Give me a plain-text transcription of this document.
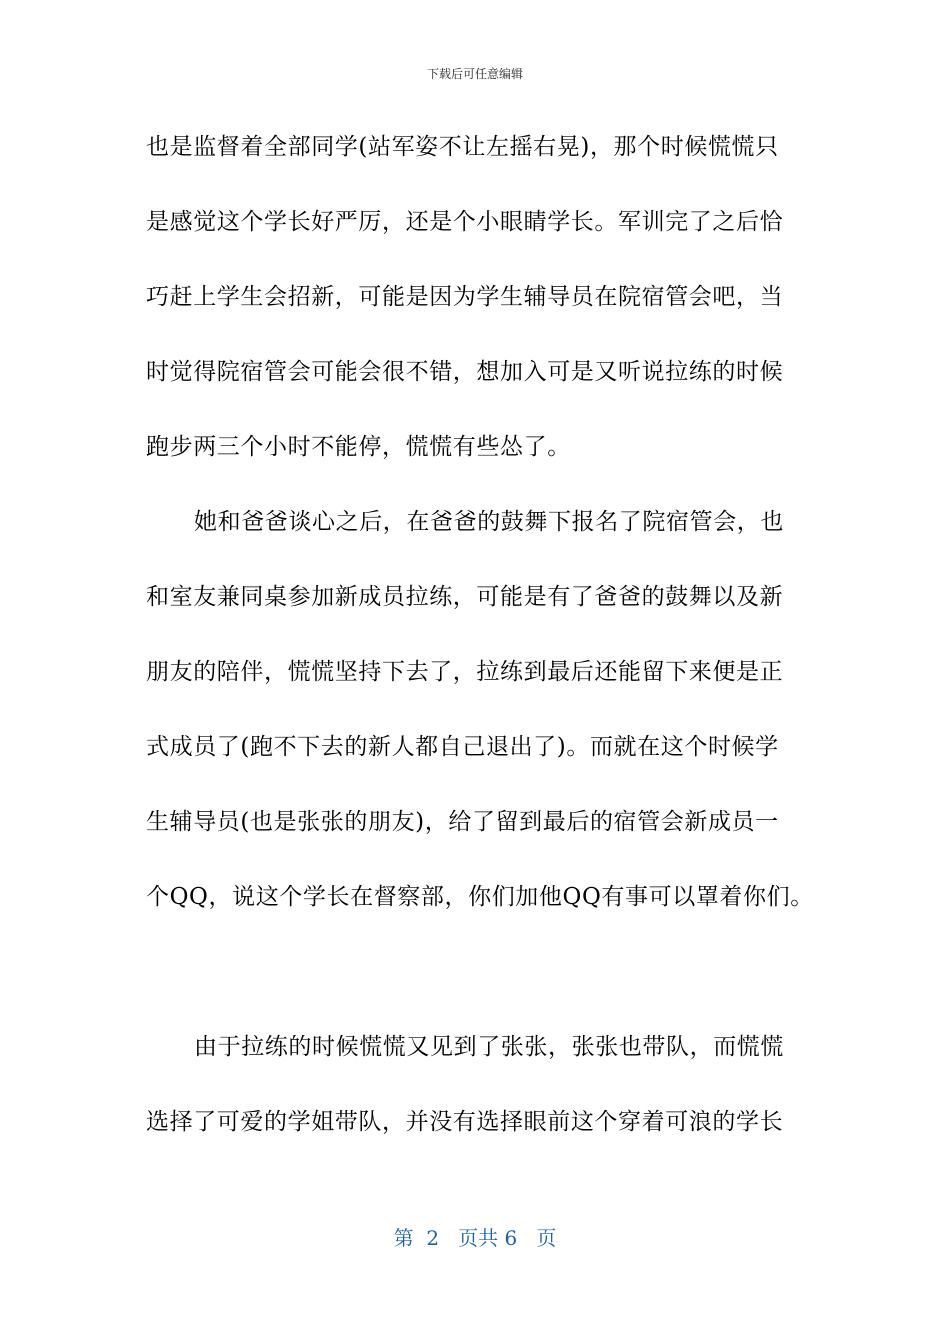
下载后可任意编辑
也是监督着全部同学(站军姿不让左摇右晃)，那个时候慌慌只
是感觉这个学长好严厉，还是个小眼睛学长。军训完了之后恰
巧赶上学生会招新，可能是因为学生辅导员在院宿管会吧，当
时觉得院宿管会可能会很不错，想加入可是又听说拉练的时候
跑步两三个小时不能停，慌慌有些怂了。
她和爸爸谈心之后，在爸爸的鼓舞下报名了院宿管会，也
和室友兼同桌参加新成员拉练，可能是有了爸爸的鼓舞以及新
朋友的陪伴，慌慌坚持下去了，拉练到最后还能留下来便是正
式成员了(跑不下去的新人都自己退出了)。而就在这个时候学
生辅导员(也是张张的朋友)，给了留到最后的宿管会新成员一
个QQ，说这个学长在督察部，你们加他QQ有事可以罩着你们。
由于拉练的时候慌慌又见到了张张，张张也带队，而慌慌
选择了可爱的学姐带队，并没有选择眼前这个穿着可浪的学长
第  2   页共 6   页
